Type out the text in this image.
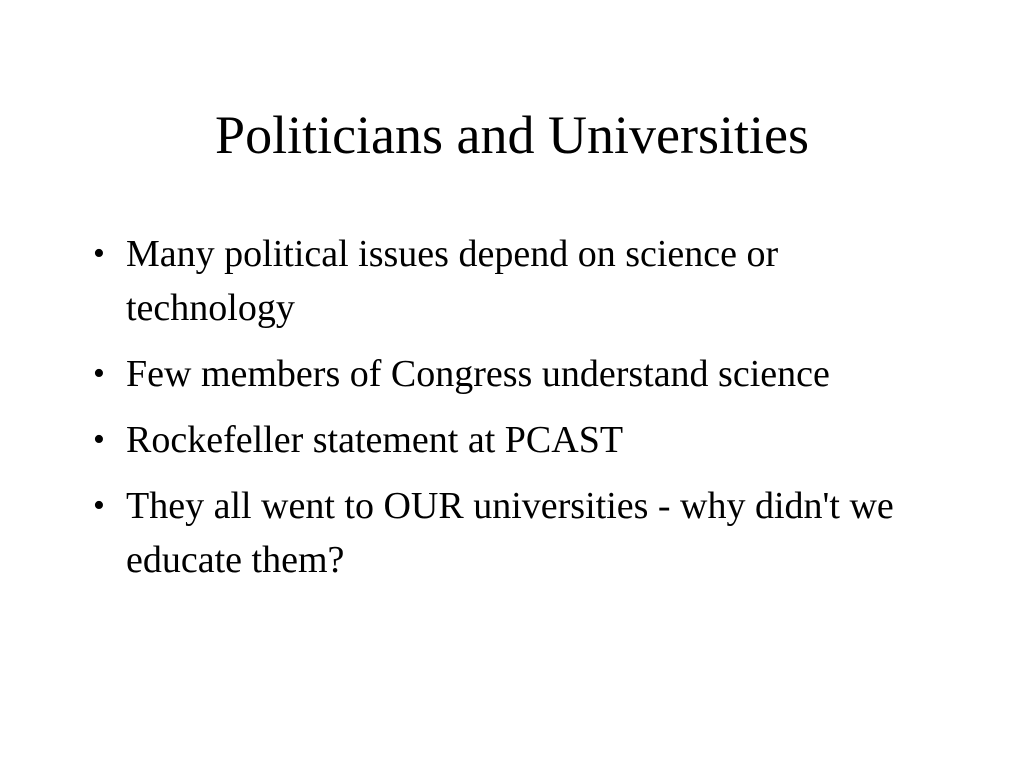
Politicians and Universities
• Many political issues depend on science or technology
• Few members of Congress understand science
• Rockefeller statement at PCAST
• They all went to OUR universities - why didn't we educate them?
